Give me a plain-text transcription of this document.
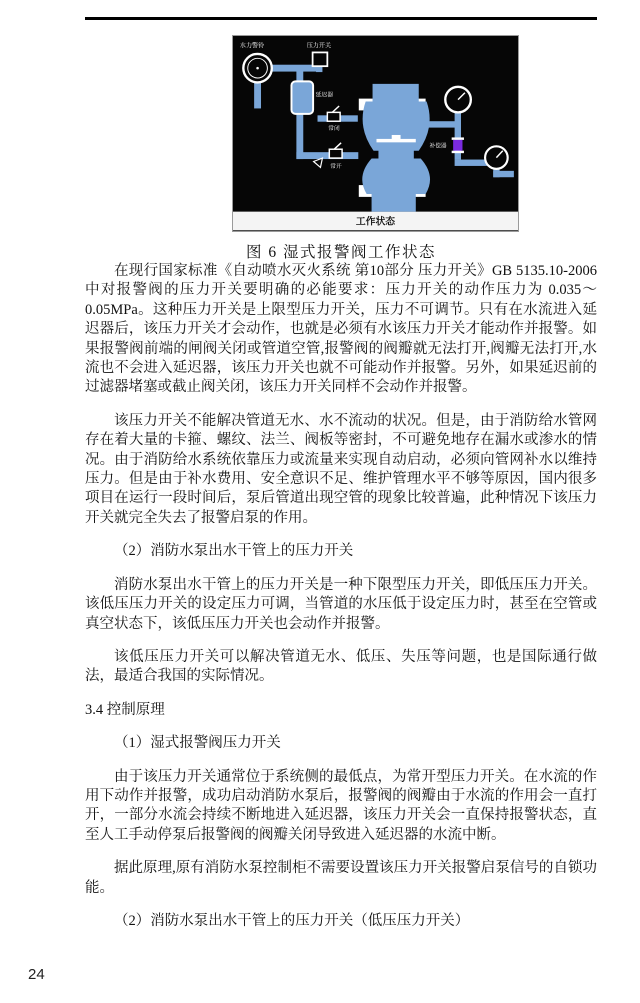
工作状态
水力警铃	压力开关
延迟器
常闭
常开
补偿器
图 6 湿式报警阀工作状态

在现行国家标准《自动喷水灭火系统 第10部分 压力开关》GB 5135.10-2006中对报警阀的压力开关要明确的必能要求：压力开关的动作压力为 0.035～0.05MPa。这种压力开关是上限型压力开关，压力不可调节。只有在水流进入延迟器后，该压力开关才会动作，也就是必须有水该压力开关才能动作并报警。如果报警阀前端的闸阀关闭或管道空管,报警阀的阀瓣就无法打开,阀瓣无法打开,水流也不会进入延迟器，该压力开关也就不可能动作并报警。另外，如果延迟前的过滤器堵塞或截止阀关闭，该压力开关同样不会动作并报警。

该压力开关不能解决管道无水、水不流动的状况。但是，由于消防给水管网存在着大量的卡箍、螺纹、法兰、阀板等密封，不可避免地存在漏水或渗水的情况。由于消防给水系统依靠压力或流量来实现自动启动，必须向管网补水以维持压力。但是由于补水费用、安全意识不足、维护管理水平不够等原因，国内很多项目在运行一段时间后，泵后管道出现空管的现象比较普遍，此种情况下该压力开关就完全失去了报警启泵的作用。

（2）消防水泵出水干管上的压力开关

消防水泵出水干管上的压力开关是一种下限型压力开关，即低压压力开关。该低压压力开关的设定压力可调，当管道的水压低于设定压力时，甚至在空管或真空状态下，该低压压力开关也会动作并报警。

该低压压力开关可以解决管道无水、低压、失压等问题，也是国际通行做法，最适合我国的实际情况。

3.4 控制原理

（1）湿式报警阀压力开关

由于该压力开关通常位于系统侧的最低点，为常开型压力开关。在水流的作用下动作并报警，成功启动消防水泵后，报警阀的阀瓣由于水流的作用会一直打开，一部分水流会持续不断地进入延迟器，该压力开关会一直保持报警状态，直至人工手动停泵后报警阀的阀瓣关闭导致进入延迟器的水流中断。

据此原理,原有消防水泵控制柜不需要设置该压力开关报警启泵信号的自锁功能。

（2）消防水泵出水干管上的压力开关（低压压力开关）

24
